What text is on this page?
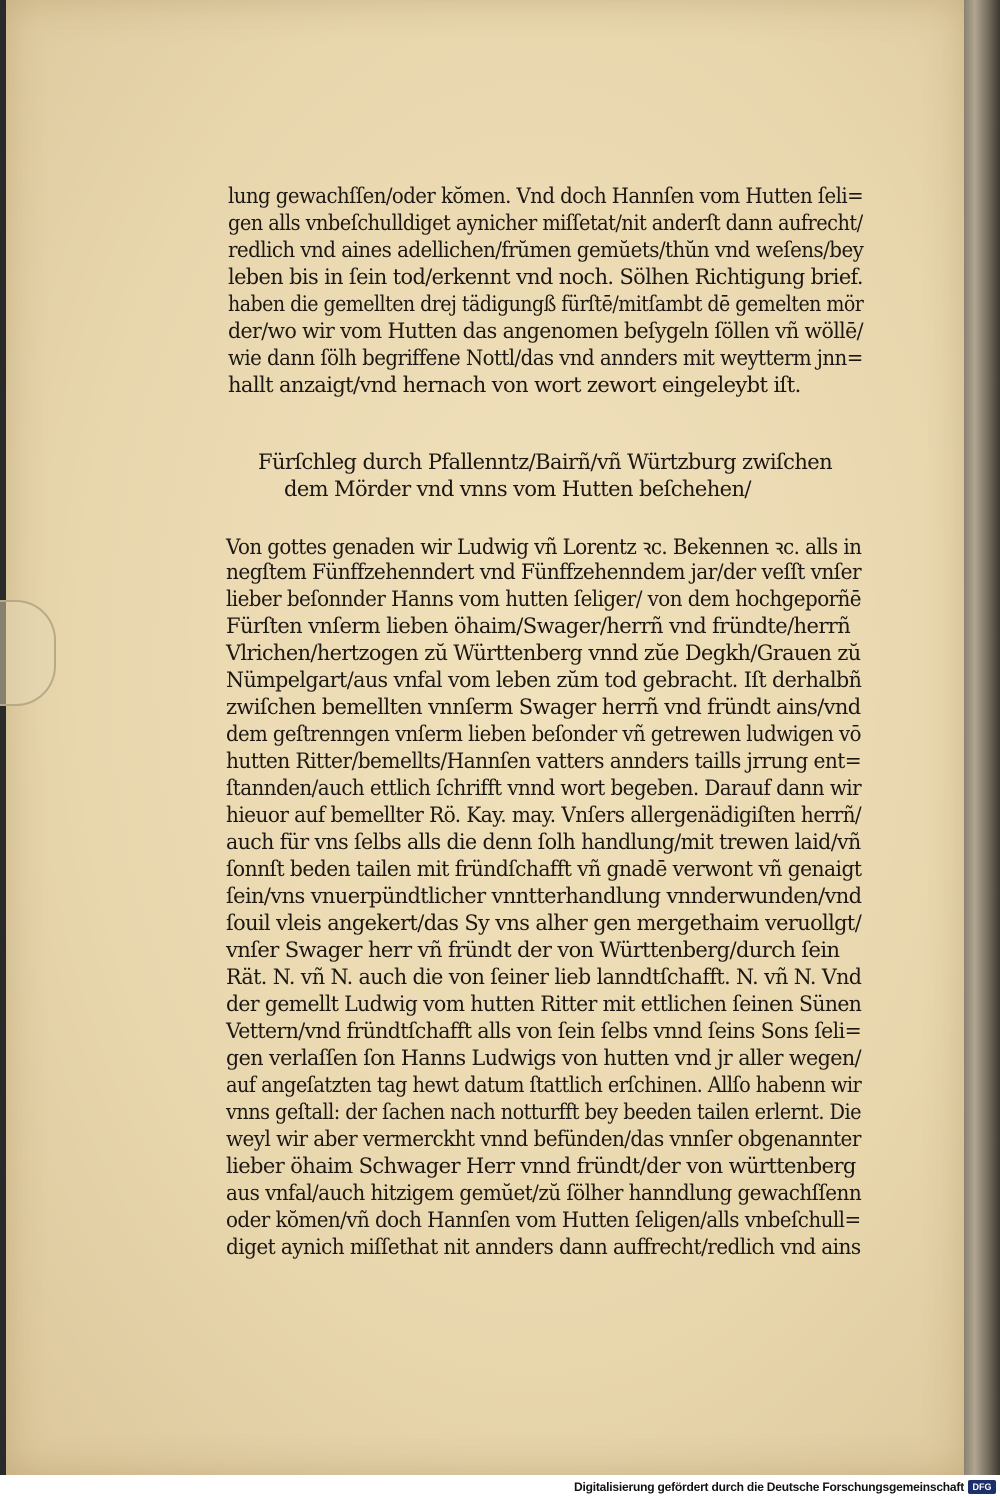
lung gewachſſen/oder kŏmen. Vnd doch Hannſen vom Hutten ſeli=
gen alls vnbeſchulldiget aynicher miſſetat/nit anderſt dann aufrecht/
redlich vnd aines adellichen/frŭmen gemŭets/thŭn vnd weſens/bey
leben bis in ſein tod/erkennt vnd noch. Sölhen Richtigung brief.
haben die gemellten drej tädigungß fürſtē/mitſambt dē gemelten mör
der/wo wir vom Hutten das angenomen beſygeln ſöllen vñ wöllē/
wie dann ſölh begriffene Nottl/das vnd annders mit weytterm jnn=
hallt anzaigt/vnd hernach von wort zewort eingeleybt iſt.
Fürſchleg durch Pfallenntz/Bairñ/vñ Würtzburg zwiſchen
dem Mörder vnd vnns vom Hutten beſchehen/
Von gottes genaden wir Ludwig vñ Lorentz ꝛc. Bekennen ꝛc. alls in
negſtem Fünffzehenndert vnd Fünffzehenndem jar/der veſſt vnſer
lieber beſonnder Hanns vom hutten ſeliger/ von dem hochgeporñē
Fürſten vnſerm lieben öhaim/Swager/herrñ vnd fründte/herrñ
Vlrichen/hertzogen zŭ Württenberg vnnd zŭe Degkh/Grauen zŭ
Nümpelgart/aus vnfal vom leben zŭm tod gebracht. Iſt derhalbñ
zwiſchen bemellten vnnſerm Swager herrñ vnd fründt ains/vnd
dem geſtrenngen vnſerm lieben beſonder vñ getrewen ludwigen vō
hutten Ritter/bemellts/Hannſen vatters annders taills jrrung ent=
ſtannden/auch ettlich ſchrifft vnnd wort begeben. Darauf dann wir
hieuor auf bemellter Rö. Kay. may. Vnſers allergenädigiſten herrñ/
auch für vns ſelbs alls die denn ſolh handlung/mit trewen laid/vñ
ſonnſt beden tailen mit fründſchafft vñ gnadē verwont vñ genaigt
ſein/vns vnuerpündtlicher vnntterhandlung vnnderwunden/vnd
ſouil vleis angekert/das Sy vns alher gen mergethaim veruollgt/
vnſer Swager herr vñ fründt der von Württenberg/durch ſein
Rät. N. vñ N. auch die von ſeiner lieb lanndtſchafft. N. vñ N. Vnd
der gemellt Ludwig vom hutten Ritter mit ettlichen ſeinen Sünen
Vettern/vnd fründtſchafft alls von ſein ſelbs vnnd ſeins Sons ſeli=
gen verlaſſen ſon Hanns Ludwigs von hutten vnd jr aller wegen/
auf angeſatzten tag hewt datum ſtattlich erſchinen. Allſo habenn wir
vnns geſtall: der ſachen nach notturfft bey beeden tailen erlernt. Die
weyl wir aber vermerckht vnnd befünden/das vnnſer obgenannter
lieber öhaim Schwager Herr vnnd fründt/der von württenberg
aus vnfal/auch hitzigem gemŭet/zŭ ſölher hanndlung gewachſſenn
oder kŏmen/vñ doch Hannſen vom Hutten ſeligen/alls vnbeſchull=
diget aynich miſſethat nit annders dann auffrecht/redlich vnd ains
Digitalisierung gefördert durch die Deutsche Forschungsgemeinschaft DFG
